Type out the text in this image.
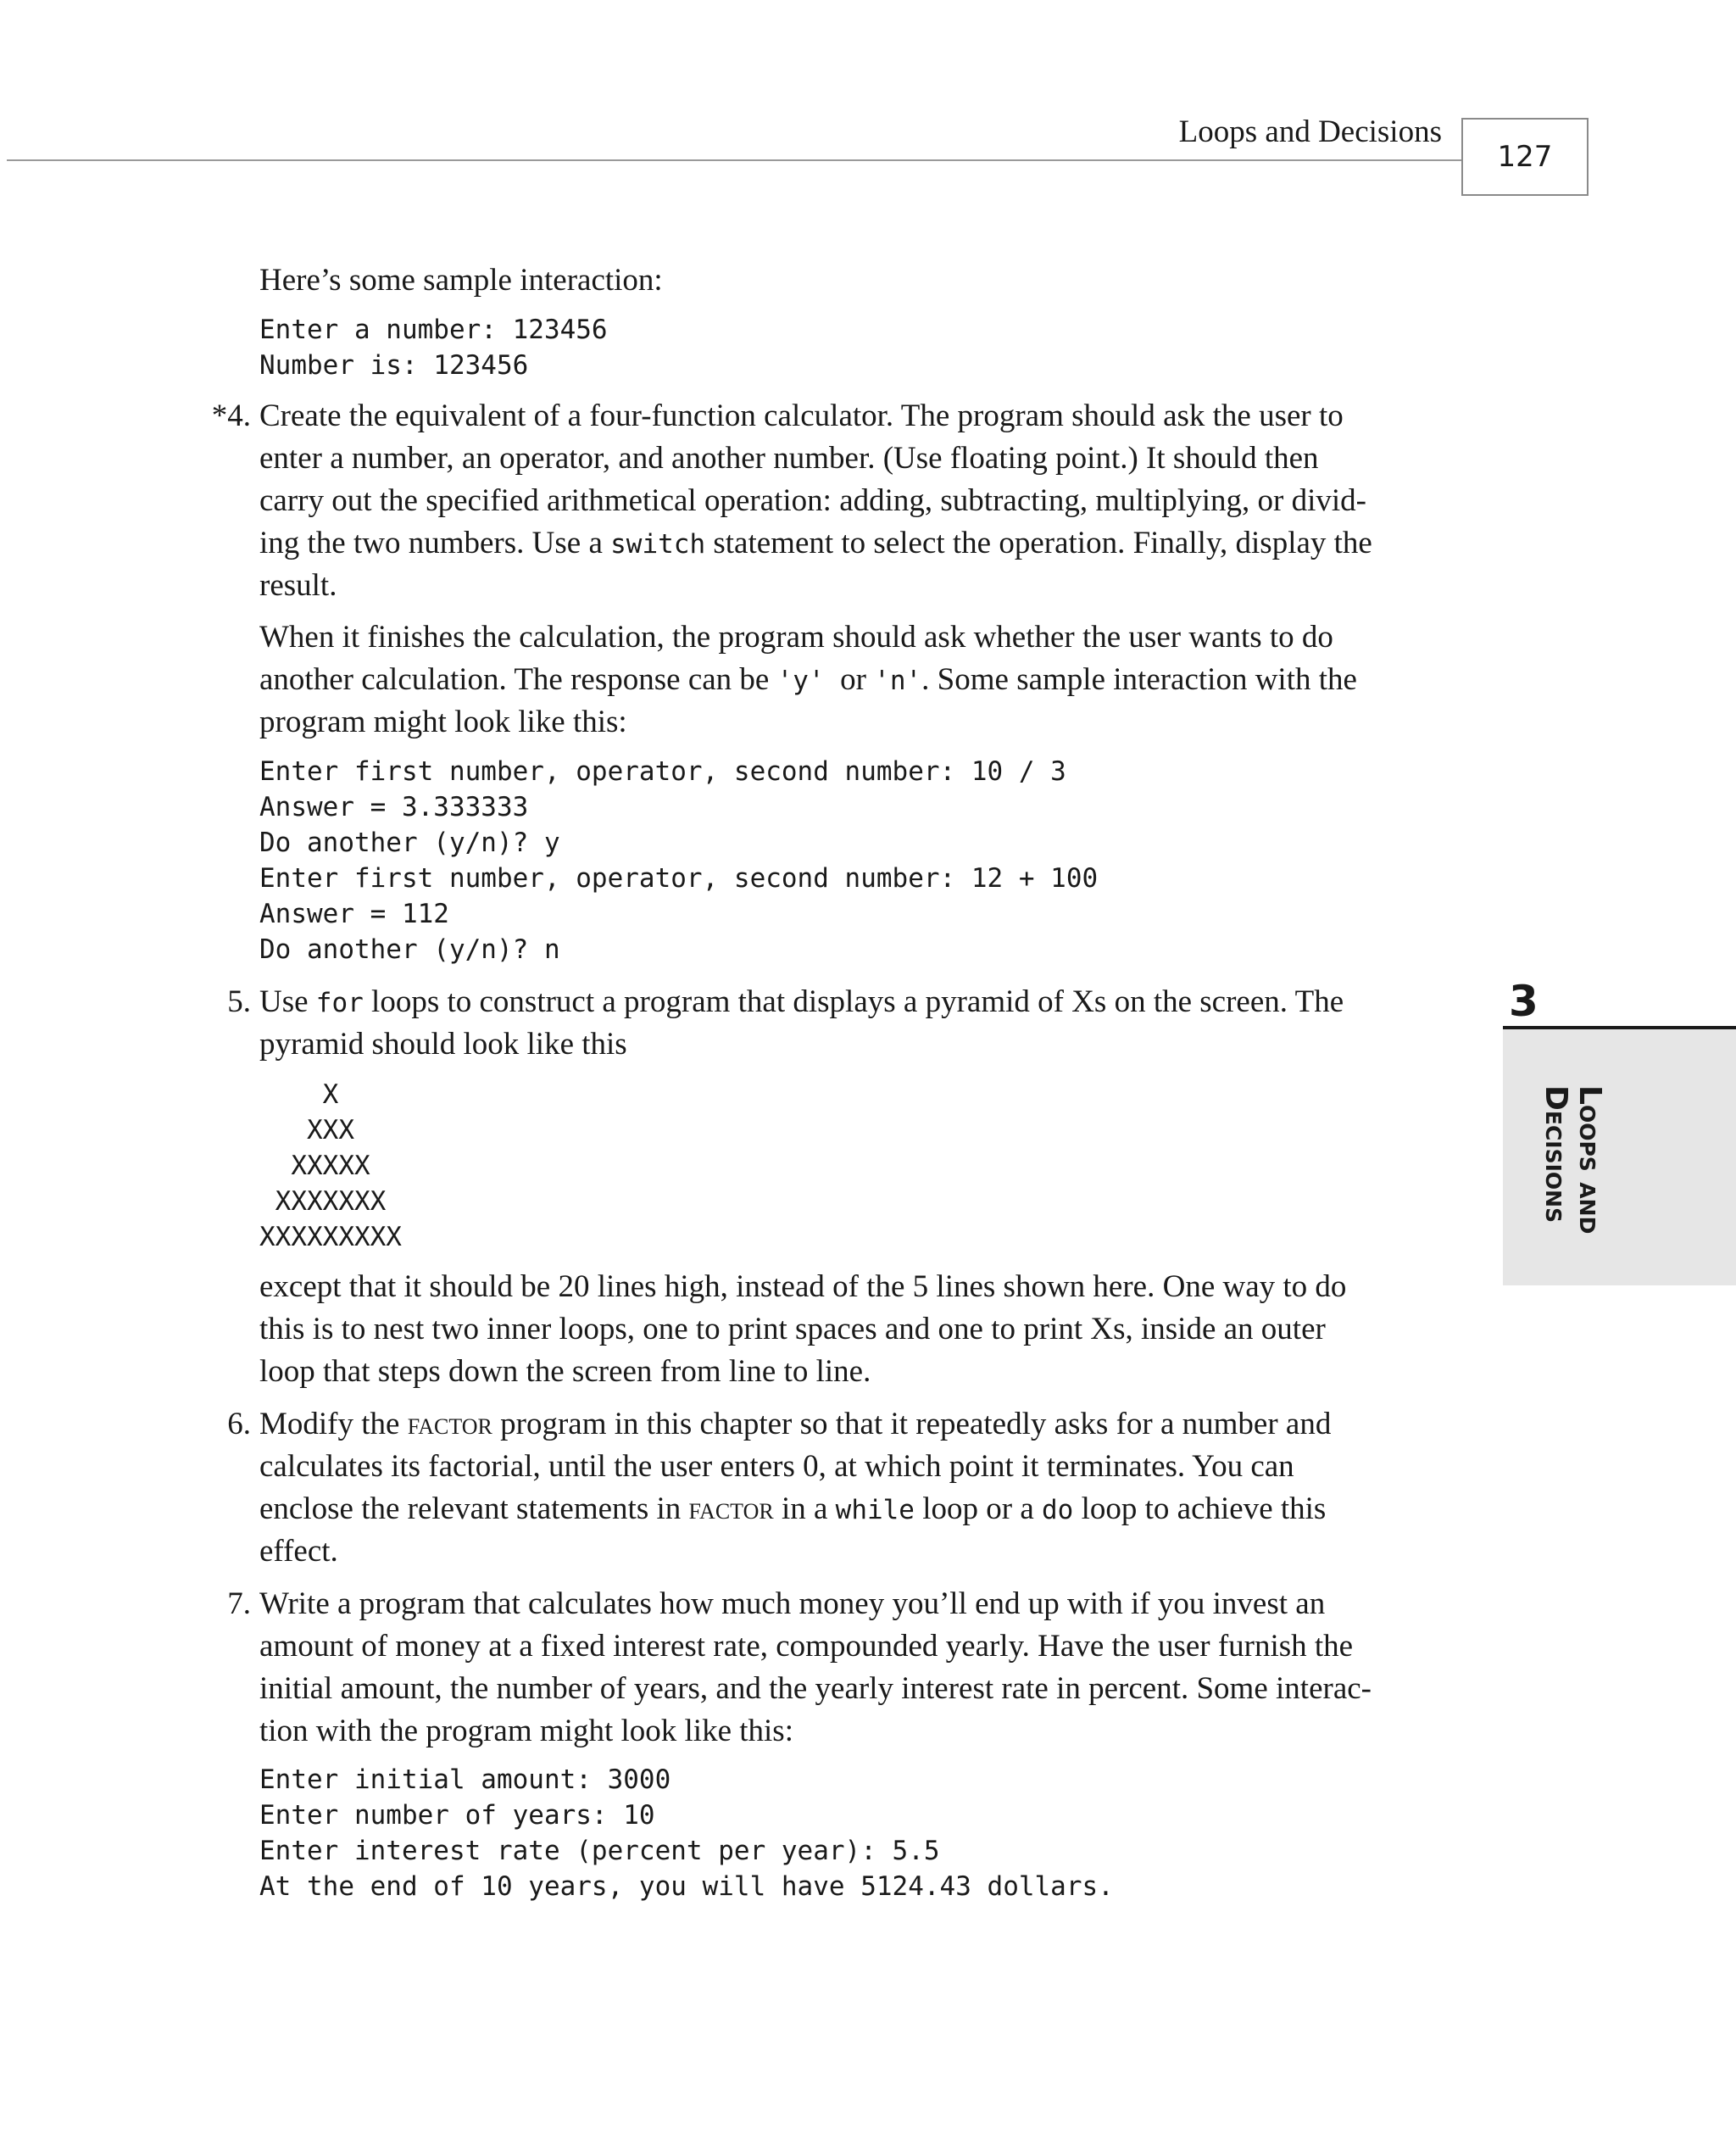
Loops and Decisions
127
3
Loops and
Decisions
Here’s some sample interaction:
Enter a number: 123456
Number is: 123456
*4. Create the equivalent of a four-function calculator. The program should ask the user to
enter a number, an operator, and another number. (Use floating point.) It should then
carry out the specified arithmetical operation: adding, subtracting, multiplying, or divid-
ing the two numbers. Use a switch statement to select the operation. Finally, display the
result.
When it finishes the calculation, the program should ask whether the user wants to do
another calculation. The response can be 'y'  or 'n'. Some sample interaction with the
program might look like this:
Enter first number, operator, second number: 10 / 3
Answer = 3.333333
Do another (y/n)? y
Enter first number, operator, second number: 12 + 100
Answer = 112
Do another (y/n)? n
5. Use for loops to construct a program that displays a pyramid of Xs on the screen. The
pyramid should look like this
X
XXX
XXXXX
XXXXXXX
XXXXXXXXX
except that it should be 20 lines high, instead of the 5 lines shown here. One way to do
this is to nest two inner loops, one to print spaces and one to print Xs, inside an outer
loop that steps down the screen from line to line.
6. Modify the factor program in this chapter so that it repeatedly asks for a number and
calculates its factorial, until the user enters 0, at which point it terminates. You can
enclose the relevant statements in factor in a while loop or a do loop to achieve this
effect.
7. Write a program that calculates how much money you’ll end up with if you invest an
amount of money at a fixed interest rate, compounded yearly. Have the user furnish the
initial amount, the number of years, and the yearly interest rate in percent. Some interac-
tion with the program might look like this:
Enter initial amount: 3000
Enter number of years: 10
Enter interest rate (percent per year): 5.5
At the end of 10 years, you will have 5124.43 dollars.
